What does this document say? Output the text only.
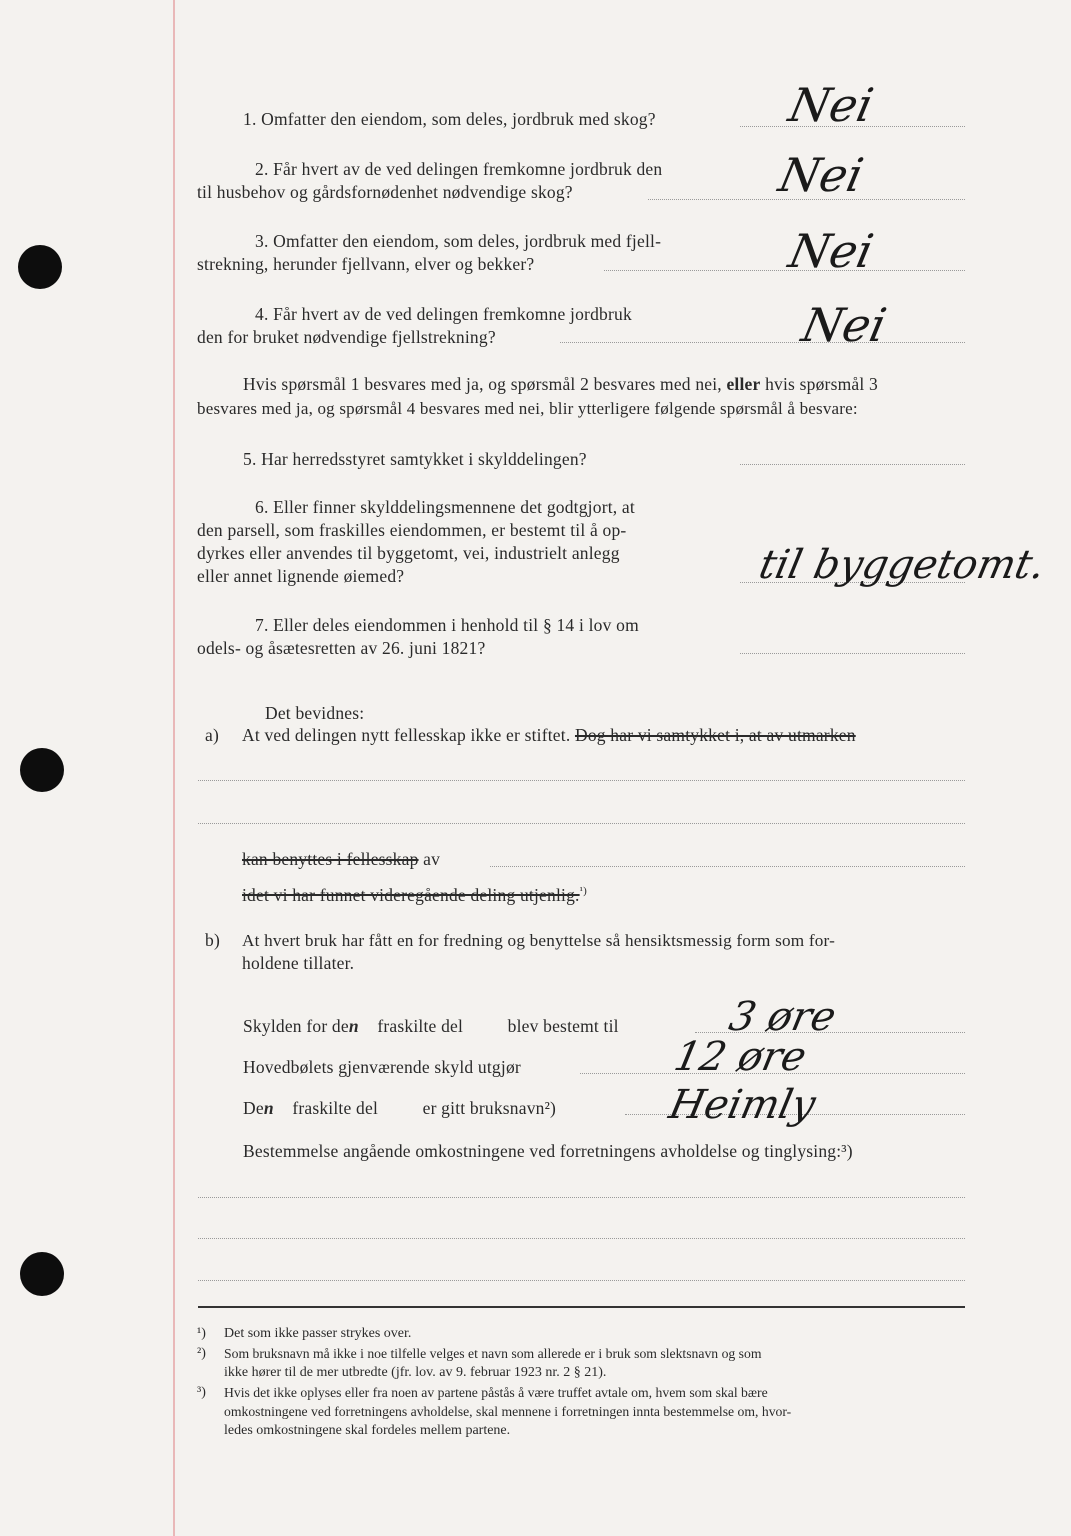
1. Omfatter den eiendom, som deles, jordbruk med skog?	Nei
2. Får hvert av de ved delingen fremkomne jordbruk den
til husbehov og gårdsfornødenhet nødvendige skog?	Nei
3. Omfatter den eiendom, som deles, jordbruk med fjell-
strekning, herunder fjellvann, elver og bekker?	Nei
4. Får hvert av de ved delingen fremkomne jordbruk
den for bruket nødvendige fjellstrekning?	Nei
Hvis spørsmål 1 besvares med ja, og spørsmål 2 besvares med nei, eller hvis spørsmål 3
besvares med ja, og spørsmål 4 besvares med nei, blir ytterligere følgende spørsmål å besvare:
5. Har herredsstyret samtykket i skylddelingen?
6. Eller finner skylddelingsmennene det godtgjort, at
den parsell, som fraskilles eiendommen, er bestemt til å op-
dyrkes eller anvendes til byggetomt, vei, industrielt anlegg
eller annet lignende øiemed?	til byggetomt.
7. Eller deles eiendommen i henhold til § 14 i lov om
odels- og åsætesretten av 26. juni 1821?
Det bevidnes:
a) At ved delingen nytt fellesskap ikke er stiftet. Dog har vi samtykket i, at av utmarken
kan benyttes i fellesskap av
idet vi har funnet videregående deling utjenlig.$^{^1)}$
b) At hvert bruk har fått en for fredning og benyttelse så hensiktsmessig form som for-
holdene tillater.
Skylden for den fraskilte del	blev bestemt til	3 øre
Hovedbølets gjenværende skyld utgjør	12 øre
Den fraskilte del	er gitt bruksnavn²)	Heimly
Bestemmelse angående omkostningene ved forretningens avholdelse og tinglysing:³)
¹) Det som ikke passer strykes over.
²) Som bruksnavn må ikke i noe tilfelle velges et navn som allerede er i bruk som slektsnavn og som
ikke hører til de mer utbredte (jfr. lov. av 9. februar 1923 nr. 2 § 21).
³) Hvis det ikke oplyses eller fra noen av partene påstås å være truffet avtale om, hvem som skal bære
omkostningene ved forretningens avholdelse, skal mennene i forretningen innta bestemmelse om, hvor-
ledes omkostningene skal fordeles mellem partene.
